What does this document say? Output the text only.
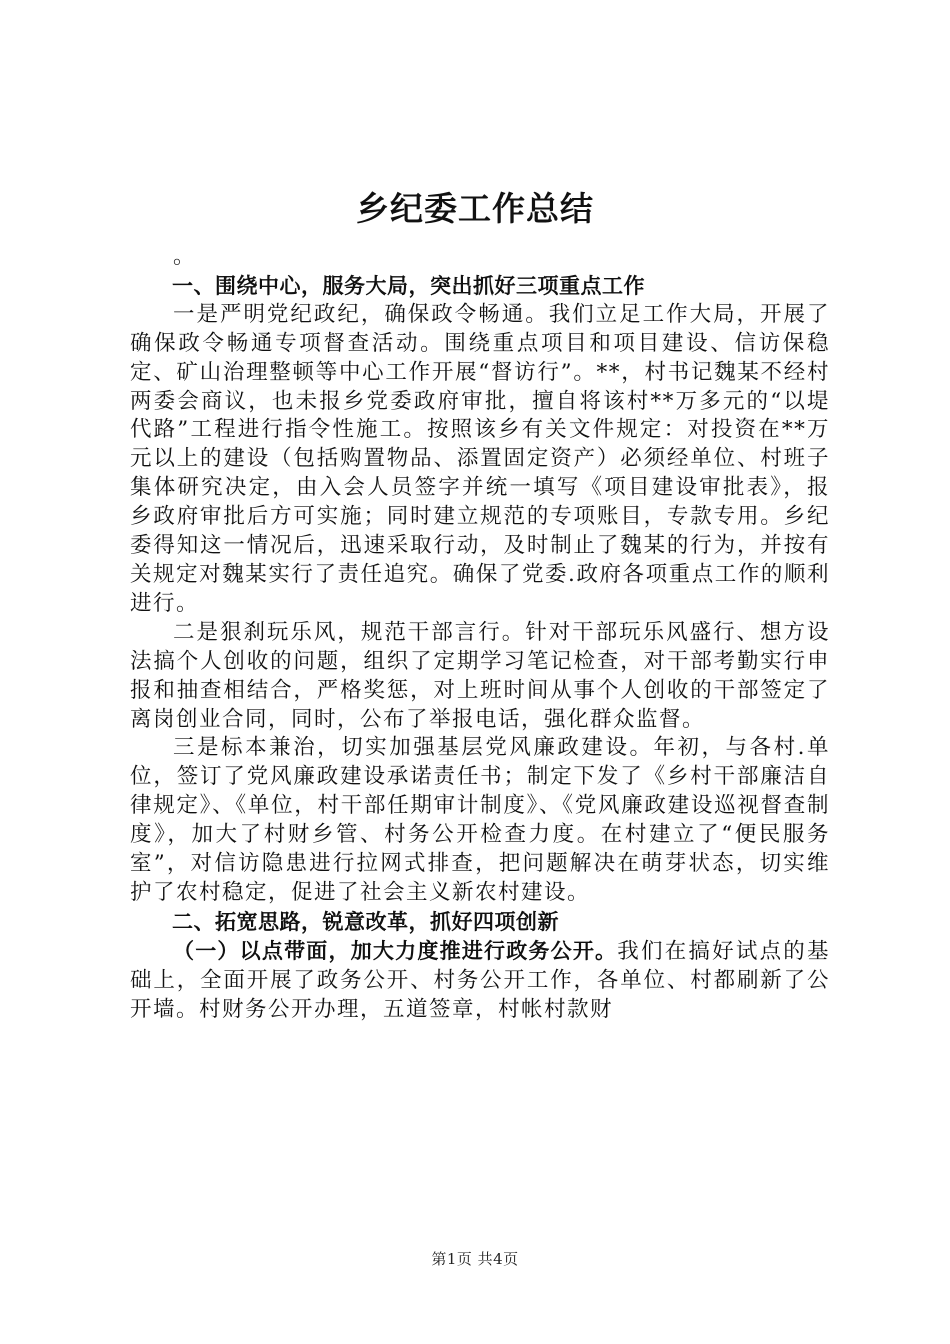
乡纪委工作总结

。

一、围绕中心，服务大局，突出抓好三项重点工作

一是严明党纪政纪，确保政令畅通。我们立足工作大局，开展了确保政令畅通专项督查活动。围绕重点项目和项目建设、信访保稳定、矿山治理整顿等中心工作开展“督访行”。**，村书记魏某不经村两委会商议，也未报乡党委政府审批，擅自将该村**万多元的“以堤代路”工程进行指令性施工。按照该乡有关文件规定：对投资在**万元以上的建设（包括购置物品、添置固定资产）必须经单位、村班子集体研究决定，由入会人员签字并统一填写《项目建设审批表》，报乡政府审批后方可实施；同时建立规范的专项账目，专款专用。乡纪委得知这一情况后，迅速采取行动，及时制止了魏某的行为，并按有关规定对魏某实行了责任追究。确保了党委.政府各项重点工作的顺利进行。

二是狠刹玩乐风，规范干部言行。针对干部玩乐风盛行、想方设法搞个人创收的问题，组织了定期学习笔记检查，对干部考勤实行申报和抽查相结合，严格奖惩，对上班时间从事个人创收的干部签定了离岗创业合同，同时，公布了举报电话，强化群众监督。

三是标本兼治，切实加强基层党风廉政建设。年初，与各村.单位，签订了党风廉政建设承诺责任书；制定下发了《乡村干部廉洁自律规定》、《单位，村干部任期审计制度》、《党风廉政建设巡视督查制度》，加大了村财乡管、村务公开检查力度。在村建立了“便民服务室”，对信访隐患进行拉网式排查，把问题解决在萌芽状态，切实维护了农村稳定，促进了社会主义新农村建设。

二、拓宽思路，锐意改革，抓好四项创新

（一）以点带面，加大力度推进行政务公开。我们在搞好试点的基础上，全面开展了政务公开、村务公开工作，各单位、村都刷新了公开墙。村财务公开办理，五道签章，村帐村款财

第1页 共4页
